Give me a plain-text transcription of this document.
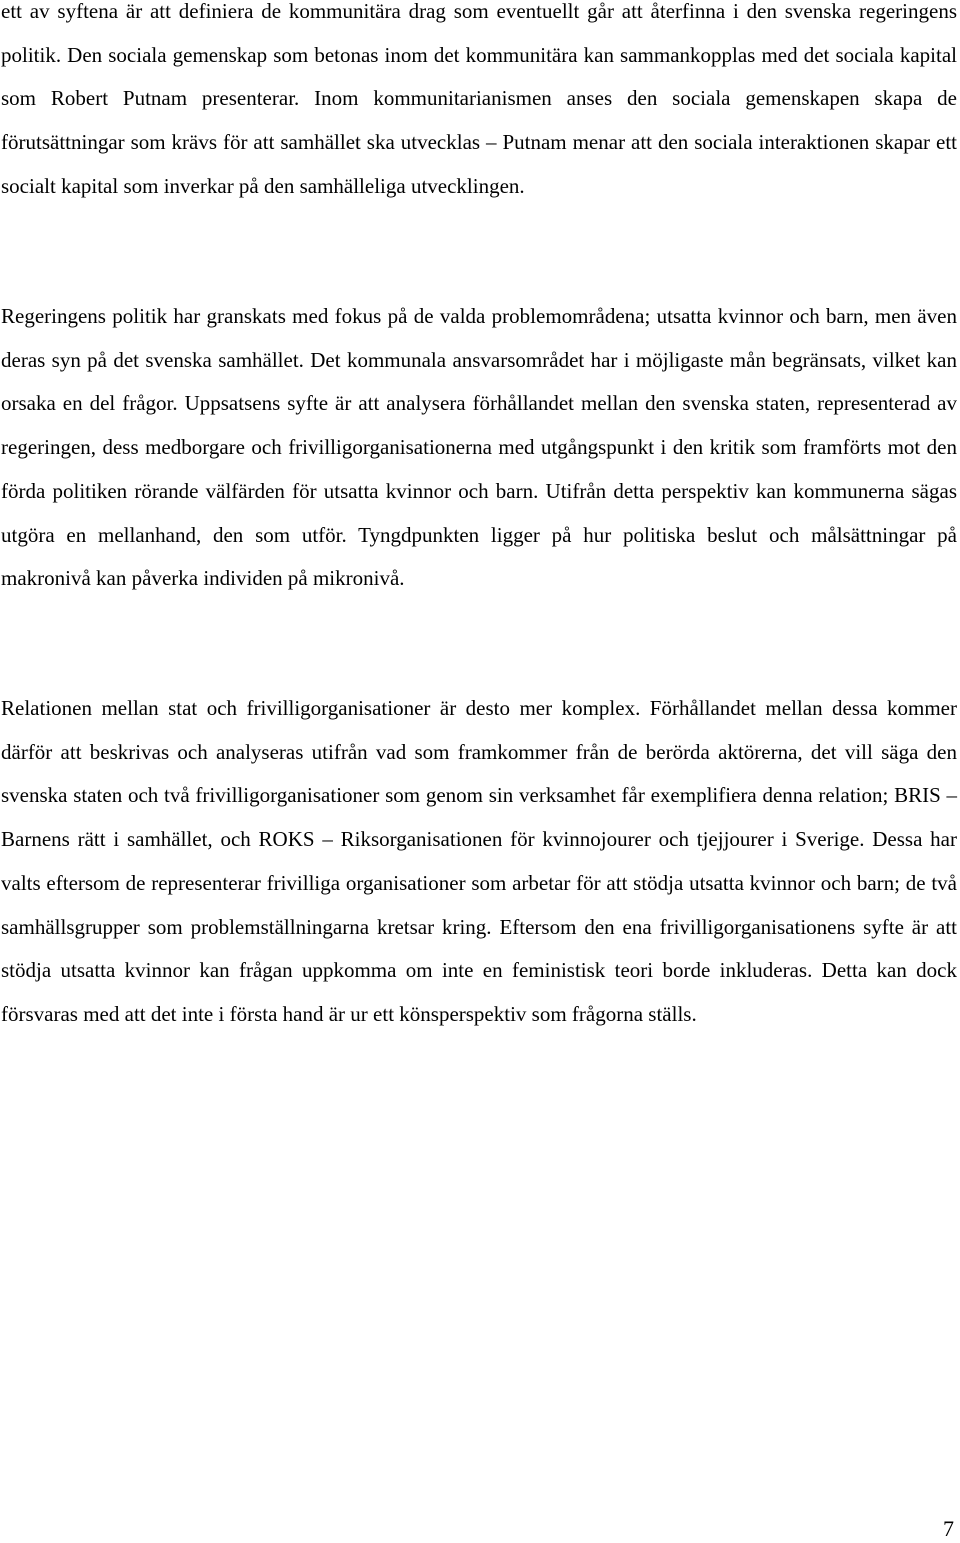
ett av syftena är att definiera de kommunitära drag som eventuellt går att återfinna i den svenska regeringens politik. Den sociala gemenskap som betonas inom det kommunitära kan sammankopplas med det sociala kapital som Robert Putnam presenterar. Inom kommunitarianismen anses den sociala gemenskapen skapa de förutsättningar som krävs för att samhället ska utvecklas – Putnam menar att den sociala interaktionen skapar ett socialt kapital som inverkar på den samhälleliga utvecklingen.

Regeringens politik har granskats med fokus på de valda problemområdena; utsatta kvinnor och barn, men även deras syn på det svenska samhället. Det kommunala ansvarsområdet har i möjligaste mån begränsats, vilket kan orsaka en del frågor. Uppsatsens syfte är att analysera förhållandet mellan den svenska staten, representerad av regeringen, dess medborgare och frivilligorganisationerna med utgångspunkt i den kritik som framförts mot den förda politiken rörande välfärden för utsatta kvinnor och barn. Utifrån detta perspektiv kan kommunerna sägas utgöra en mellanhand, den som utför. Tyngdpunkten ligger på hur politiska beslut och målsättningar på makronivå kan påverka individen på mikronivå.

Relationen mellan stat och frivilligorganisationer är desto mer komplex. Förhållandet mellan dessa kommer därför att beskrivas och analyseras utifrån vad som framkommer från de berörda aktörerna, det vill säga den svenska staten och två frivilligorganisationer som genom sin verksamhet får exemplifiera denna relation; BRIS – Barnens rätt i samhället, och ROKS – Riksorganisationen för kvinnojourer och tjejjourer i Sverige. Dessa har valts eftersom de representerar frivilliga organisationer som arbetar för att stödja utsatta kvinnor och barn; de två samhällsgrupper som problemställningarna kretsar kring. Eftersom den ena frivilligorganisationens syfte är att stödja utsatta kvinnor kan frågan uppkomma om inte en feministisk teori borde inkluderas. Detta kan dock försvaras med att det inte i första hand är ur ett könsperspektiv som frågorna ställs.

7
